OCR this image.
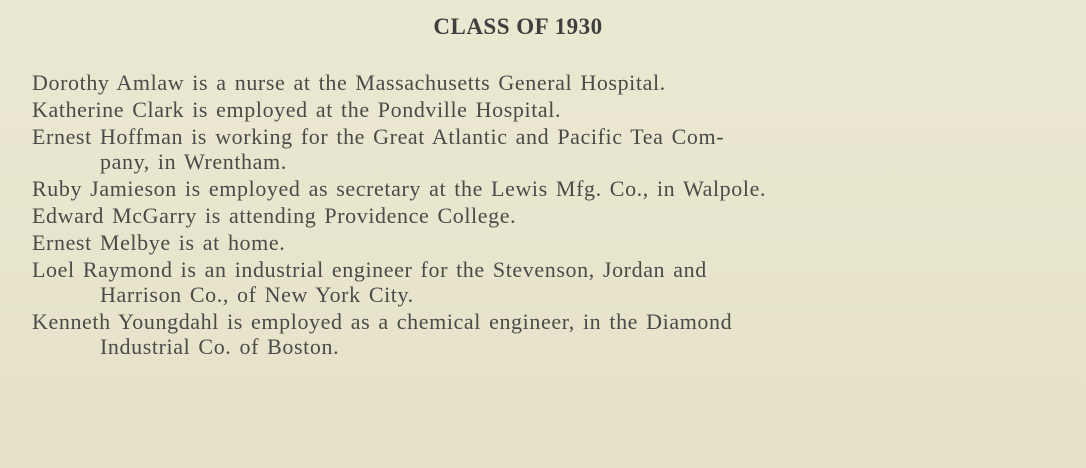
CLASS OF 1930
Dorothy Amlaw is a nurse at the Massachusetts General Hospital.
Katherine Clark is employed at the Pondville Hospital.
Ernest Hoffman is working for the Great Atlantic and Pacific Tea Com-
pany, in Wrentham.
Ruby Jamieson is employed as secretary at the Lewis Mfg. Co., in Walpole.
Edward McGarry is attending Providence College.
Ernest Melbye is at home.
Loel Raymond is an industrial engineer for the Stevenson, Jordan and
Harrison Co., of New York City.
Kenneth Youngdahl is employed as a chemical engineer, in the Diamond
Industrial Co. of Boston.
